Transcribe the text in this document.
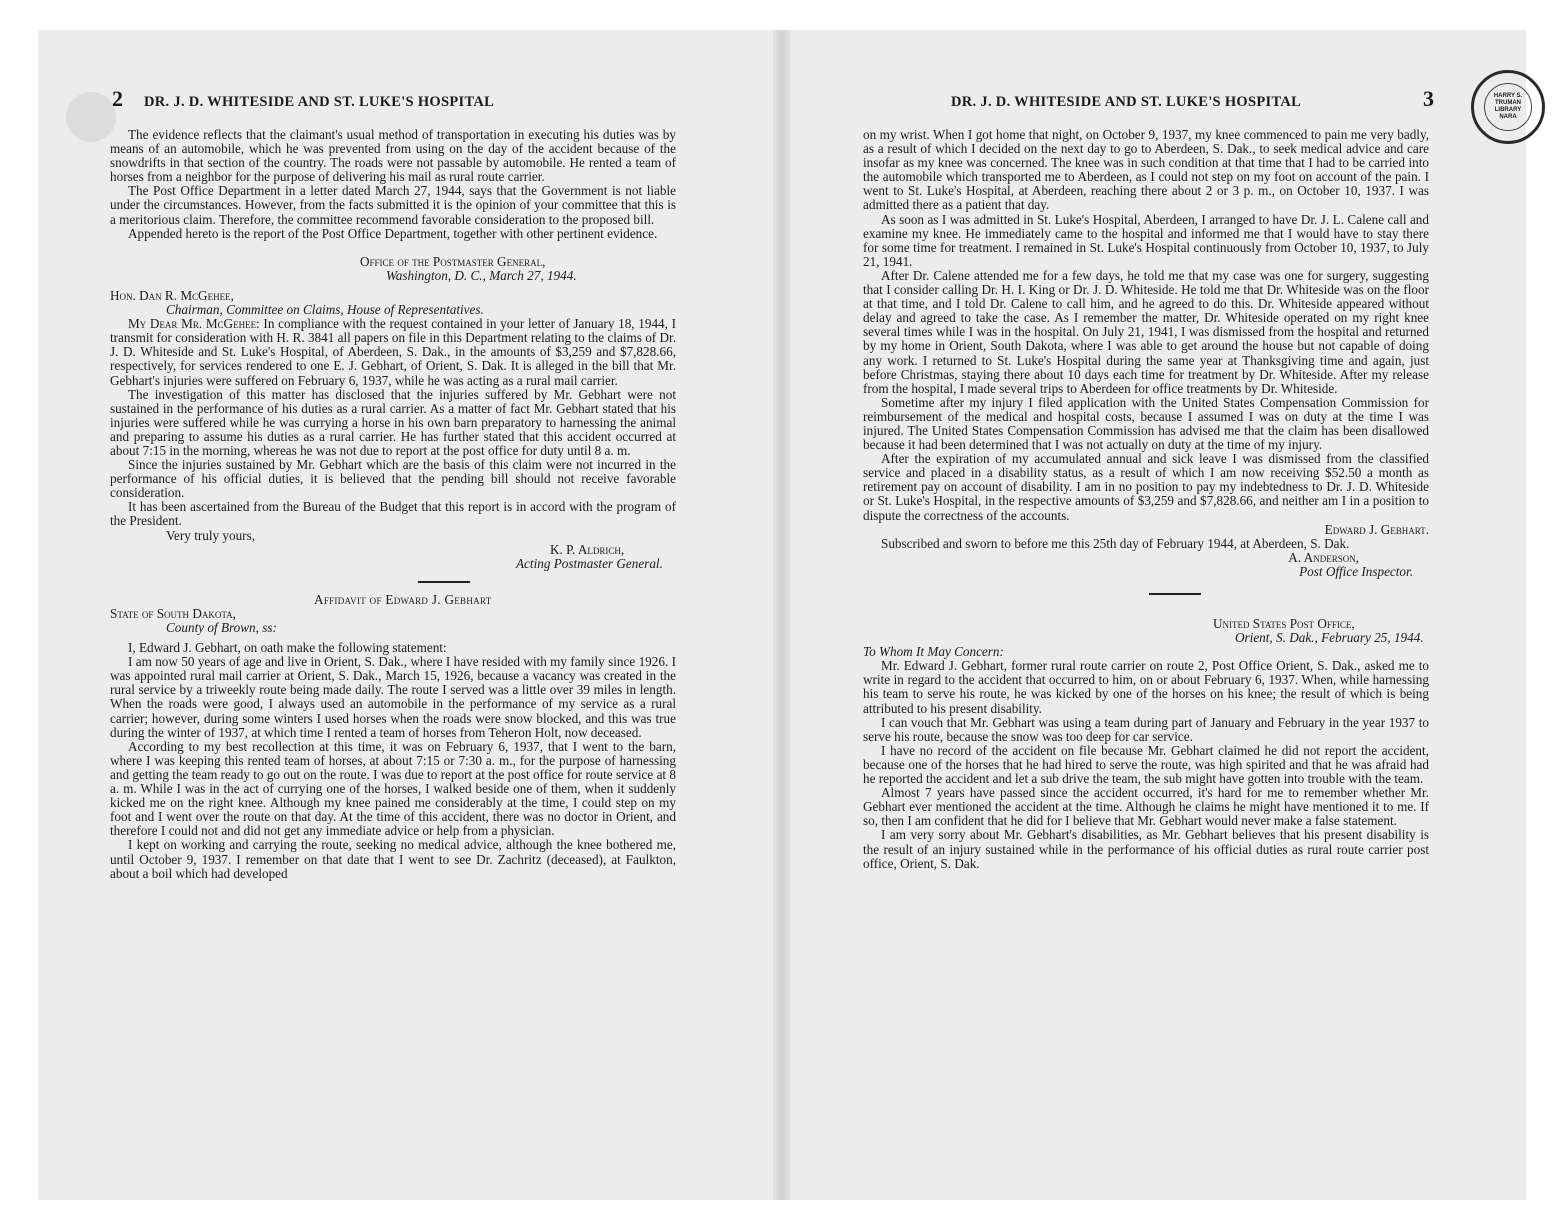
2 DR. J. D. WHITESIDE AND ST. LUKE'S HOSPITAL

The evidence reflects that the claimant's usual method of transportation in executing his duties was by means of an automobile, which he was prevented from using on the day of the accident because of the snowdrifts in that section of the country. The roads were not passable by automobile. He rented a team of horses from a neighbor for the purpose of delivering his mail as rural route carrier.

The Post Office Department in a letter dated March 27, 1944, says that the Government is not liable under the circumstances. However, from the facts submitted it is the opinion of your committee that this is a meritorious claim. Therefore, the committee recommend favorable consideration to the proposed bill.

Appended hereto is the report of the Post Office Department, together with other pertinent evidence.

Office of the Postmaster General,

Washington, D. C., March 27, 1944.

Hon. Dan R. McGehee,

Chairman, Committee on Claims, House of Representatives.

My Dear Mr. McGehee: In compliance with the request contained in your letter of January 18, 1944, I transmit for consideration with H. R. 3841 all papers on file in this Department relating to the claims of Dr. J. D. Whiteside and St. Luke's Hospital, of Aberdeen, S. Dak., in the amounts of $3,259 and $7,828.66, respectively, for services rendered to one E. J. Gebhart, of Orient, S. Dak. It is alleged in the bill that Mr. Gebhart's injuries were suffered on February 6, 1937, while he was acting as a rural mail carrier.

The investigation of this matter has disclosed that the injuries suffered by Mr. Gebhart were not sustained in the performance of his duties as a rural carrier. As a matter of fact Mr. Gebhart stated that his injuries were suffered while he was currying a horse in his own barn preparatory to harnessing the animal and preparing to assume his duties as a rural carrier. He has further stated that this accident occurred at about 7:15 in the morning, whereas he was not due to report at the post office for duty until 8 a. m.

Since the injuries sustained by Mr. Gebhart which are the basis of this claim were not incurred in the performance of his official duties, it is believed that the pending bill should not receive favorable consideration.

It has been ascertained from the Bureau of the Budget that this report is in accord with the program of the President.

Very truly yours,

K. P. Aldrich,

Acting Postmaster General.

Affidavit of Edward J. Gebhart

State of South Dakota,

County of Brown, ss:

I, Edward J. Gebhart, on oath make the following statement:

I am now 50 years of age and live in Orient, S. Dak., where I have resided with my family since 1926. I was appointed rural mail carrier at Orient, S. Dak., March 15, 1926, because a vacancy was created in the rural service by a triweekly route being made daily. The route I served was a little over 39 miles in length. When the roads were good, I always used an automobile in the performance of my service as a rural carrier; however, during some winters I used horses when the roads were snow blocked, and this was true during the winter of 1937, at which time I rented a team of horses from Teheron Holt, now deceased.

According to my best recollection at this time, it was on February 6, 1937, that I went to the barn, where I was keeping this rented team of horses, at about 7:15 or 7:30 a. m., for the purpose of harnessing and getting the team ready to go out on the route. I was due to report at the post office for route service at 8 a. m. While I was in the act of currying one of the horses, I walked beside one of them, when it suddenly kicked me on the right knee. Although my knee pained me considerably at the time, I could step on my foot and I went over the route on that day. At the time of this accident, there was no doctor in Orient, and therefore I could not and did not get any immediate advice or help from a physician.

I kept on working and carrying the route, seeking no medical advice, although the knee bothered me, until October 9, 1937. I remember on that date that I went to see Dr. Zachritz (deceased), at Faulkton, about a boil which had developed

DR. J. D. WHITESIDE AND ST. LUKE'S HOSPITAL	3	HARRY S. TRUMAN LIBRARY NARA

on my wrist. When I got home that night, on October 9, 1937, my knee commenced to pain me very badly, as a result of which I decided on the next day to go to Aberdeen, S. Dak., to seek medical advice and care insofar as my knee was concerned. The knee was in such condition at that time that I had to be carried into the automobile which transported me to Aberdeen, as I could not step on my foot on account of the pain. I went to St. Luke's Hospital, at Aberdeen, reaching there about 2 or 3 p. m., on October 10, 1937. I was admitted there as a patient that day.

As soon as I was admitted in St. Luke's Hospital, Aberdeen, I arranged to have Dr. J. L. Calene call and examine my knee. He immediately came to the hospital and informed me that I would have to stay there for some time for treatment. I remained in St. Luke's Hospital continuously from October 10, 1937, to July 21, 1941.

After Dr. Calene attended me for a few days, he told me that my case was one for surgery, suggesting that I consider calling Dr. H. I. King or Dr. J. D. Whiteside. He told me that Dr. Whiteside was on the floor at that time, and I told Dr. Calene to call him, and he agreed to do this. Dr. Whiteside appeared without delay and agreed to take the case. As I remember the matter, Dr. Whiteside operated on my right knee several times while I was in the hospital. On July 21, 1941, I was dismissed from the hospital and returned by my home in Orient, South Dakota, where I was able to get around the house but not capable of doing any work. I returned to St. Luke's Hospital during the same year at Thanksgiving time and again, just before Christmas, staying there about 10 days each time for treatment by Dr. Whiteside. After my release from the hospital, I made several trips to Aberdeen for office treatments by Dr. Whiteside.

Sometime after my injury I filed application with the United States Compensation Commission for reimbursement of the medical and hospital costs, because I assumed I was on duty at the time I was injured. The United States Compensation Commission has advised me that the claim has been disallowed because it had been determined that I was not actually on duty at the time of my injury.

After the expiration of my accumulated annual and sick leave I was dismissed from the classified service and placed in a disability status, as a result of which I am now receiving $52.50 a month as retirement pay on account of disability. I am in no position to pay my indebtedness to Dr. J. D. Whiteside or St. Luke's Hospital, in the respective amounts of $3,259 and $7,828.66, and neither am I in a position to dispute the correctness of the accounts.

Edward J. Gebhart.

Subscribed and sworn to before me this 25th day of February 1944, at Aberdeen, S. Dak.

A. Anderson,

Post Office Inspector.

United States Post Office,

Orient, S. Dak., February 25, 1944.

To Whom It May Concern:

Mr. Edward J. Gebhart, former rural route carrier on route 2, Post Office Orient, S. Dak., asked me to write in regard to the accident that occurred to him, on or about February 6, 1937. When, while harnessing his team to serve his route, he was kicked by one of the horses on his knee; the result of which is being attributed to his present disability.

I can vouch that Mr. Gebhart was using a team during part of January and February in the year 1937 to serve his route, because the snow was too deep for car service.

I have no record of the accident on file because Mr. Gebhart claimed he did not report the accident, because one of the horses that he had hired to serve the route, was high spirited and that he was afraid had he reported the accident and let a sub drive the team, the sub might have gotten into trouble with the team.

Almost 7 years have passed since the accident occurred, it's hard for me to remember whether Mr. Gebhart ever mentioned the accident at the time. Although he claims he might have mentioned it to me. If so, then I am confident that he did for I believe that Mr. Gebhart would never make a false statement.

I am very sorry about Mr. Gebhart's disabilities, as Mr. Gebhart believes that his present disability is the result of an injury sustained while in the performance of his official duties as rural route carrier post office, Orient, S. Dak.
